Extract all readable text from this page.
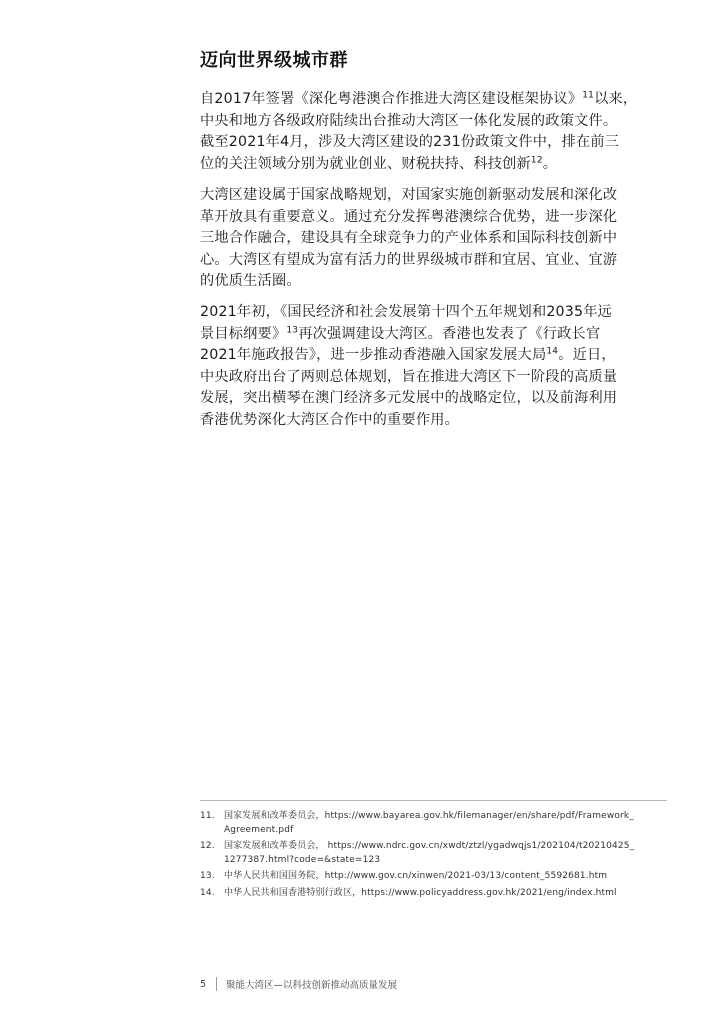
迈向世界级城市群
自2017年签署《深化粤港澳合作推进大湾区建设框架协议》$^{11}$以来，
中央和地方各级政府陆续出台推动大湾区一体化发展的政策文件。
截至2021年4月，涉及大湾区建设的231份政策文件中，排在前三
位的关注领域分别为就业创业、财税扶持、科技创新$^{12}$。
大湾区建设属于国家战略规划，对国家实施创新驱动发展和深化改
革开放具有重要意义。通过充分发挥粤港澳综合优势，进一步深化
三地合作融合，建设具有全球竞争力的产业体系和国际科技创新中
心。大湾区有望成为富有活力的世界级城市群和宜居、宜业、宜游
的优质生活圈。
2021年初，《国民经济和社会发展第十四个五年规划和2035年远
景目标纲要》$^{13}$再次强调建设大湾区。香港也发表了《行政长官
2021年施政报告》，进一步推动香港融入国家发展大局$^{14}$。近日，
中央政府出台了两则总体规划，旨在推进大湾区下一阶段的高质量
发展，突出横琴在澳门经济多元发展中的战略定位，以及前海利用
香港优势深化大湾区合作中的重要作用。
11.	国家发展和改革委员会，https://www.bayarea.gov.hk/filemanager/en/share/pdf/Framework_
Agreement.pdf
12.	国家发展和改革委员会， https://www.ndrc.gov.cn/xwdt/ztzl/ygadwqjs1/202104/t20210425_
1277387.html?code=&state=123
13.	中华人民共和国国务院，http://www.gov.cn/xinwen/2021-03/13/content_5592681.htm
14.	中华人民共和国香港特别行政区，https://www.policyaddress.gov.hk/2021/eng/index.html
5	聚能大湾区—以科技创新推动高质量发展
